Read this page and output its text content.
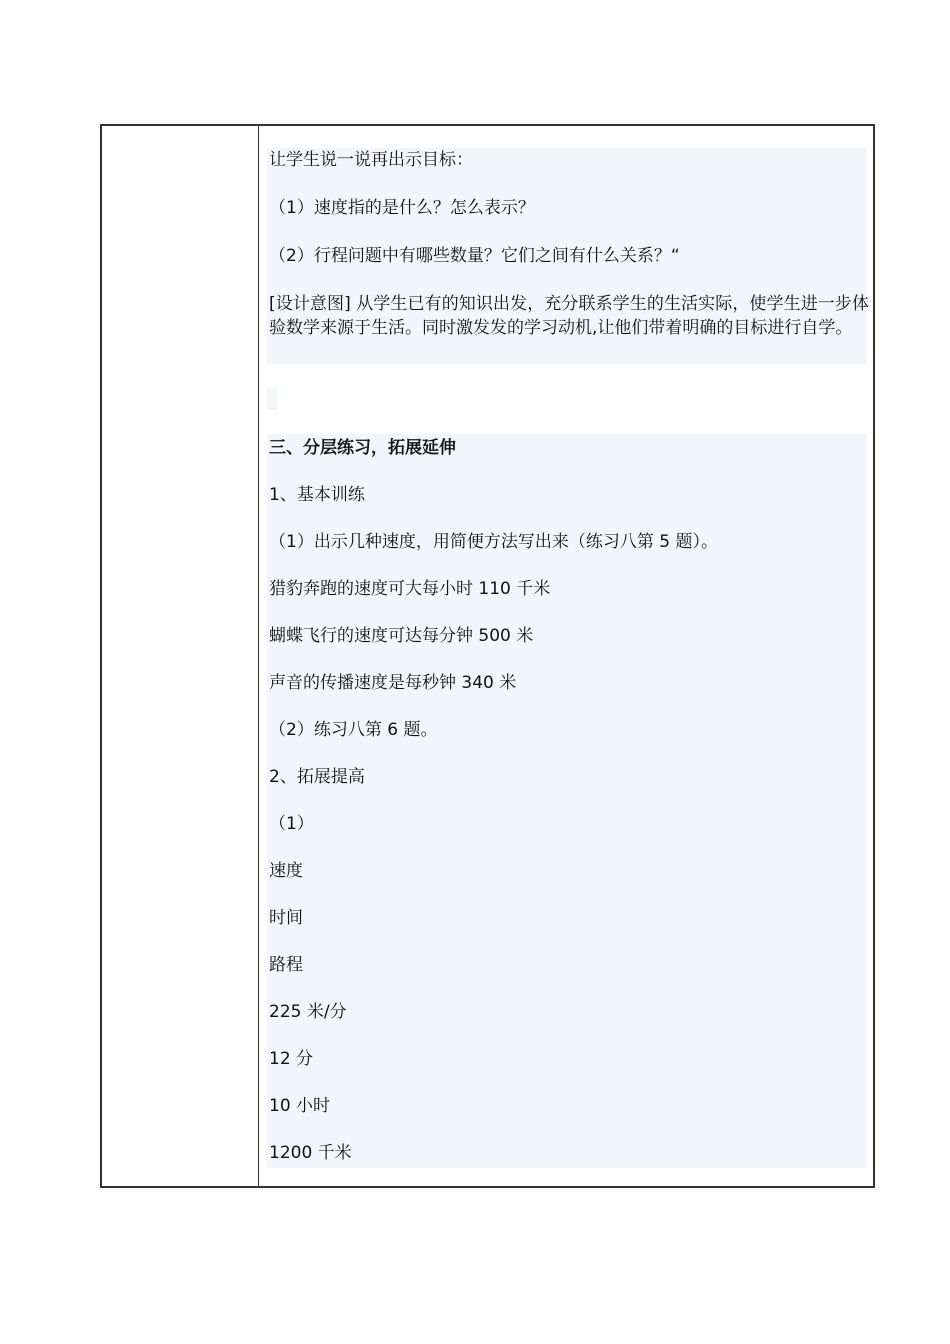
让学生说一说再出示目标：

（1）速度指的是什么？怎么表示？

（2）行程问题中有哪些数量？它们之间有什么关系？“

[设计意图] 从学生已有的知识出发，充分联系学生的生活实际，使学生进一步体验数学来源于生活。同时激发发的学习动机,让他们带着明确的目标进行自学。

三、分层练习，拓展延伸

1、基本训练

（1）出示几种速度，用简便方法写出来（练习八第 5 题）。

猎豹奔跑的速度可大每小时 110 千米

蝴蝶飞行的速度可达每分钟 500 米

声音的传播速度是每秒钟 340 米

（2）练习八第 6 题。

2、拓展提高

（1）

速度

时间

路程

225 米/分

12 分

10 小时

1200 千米
